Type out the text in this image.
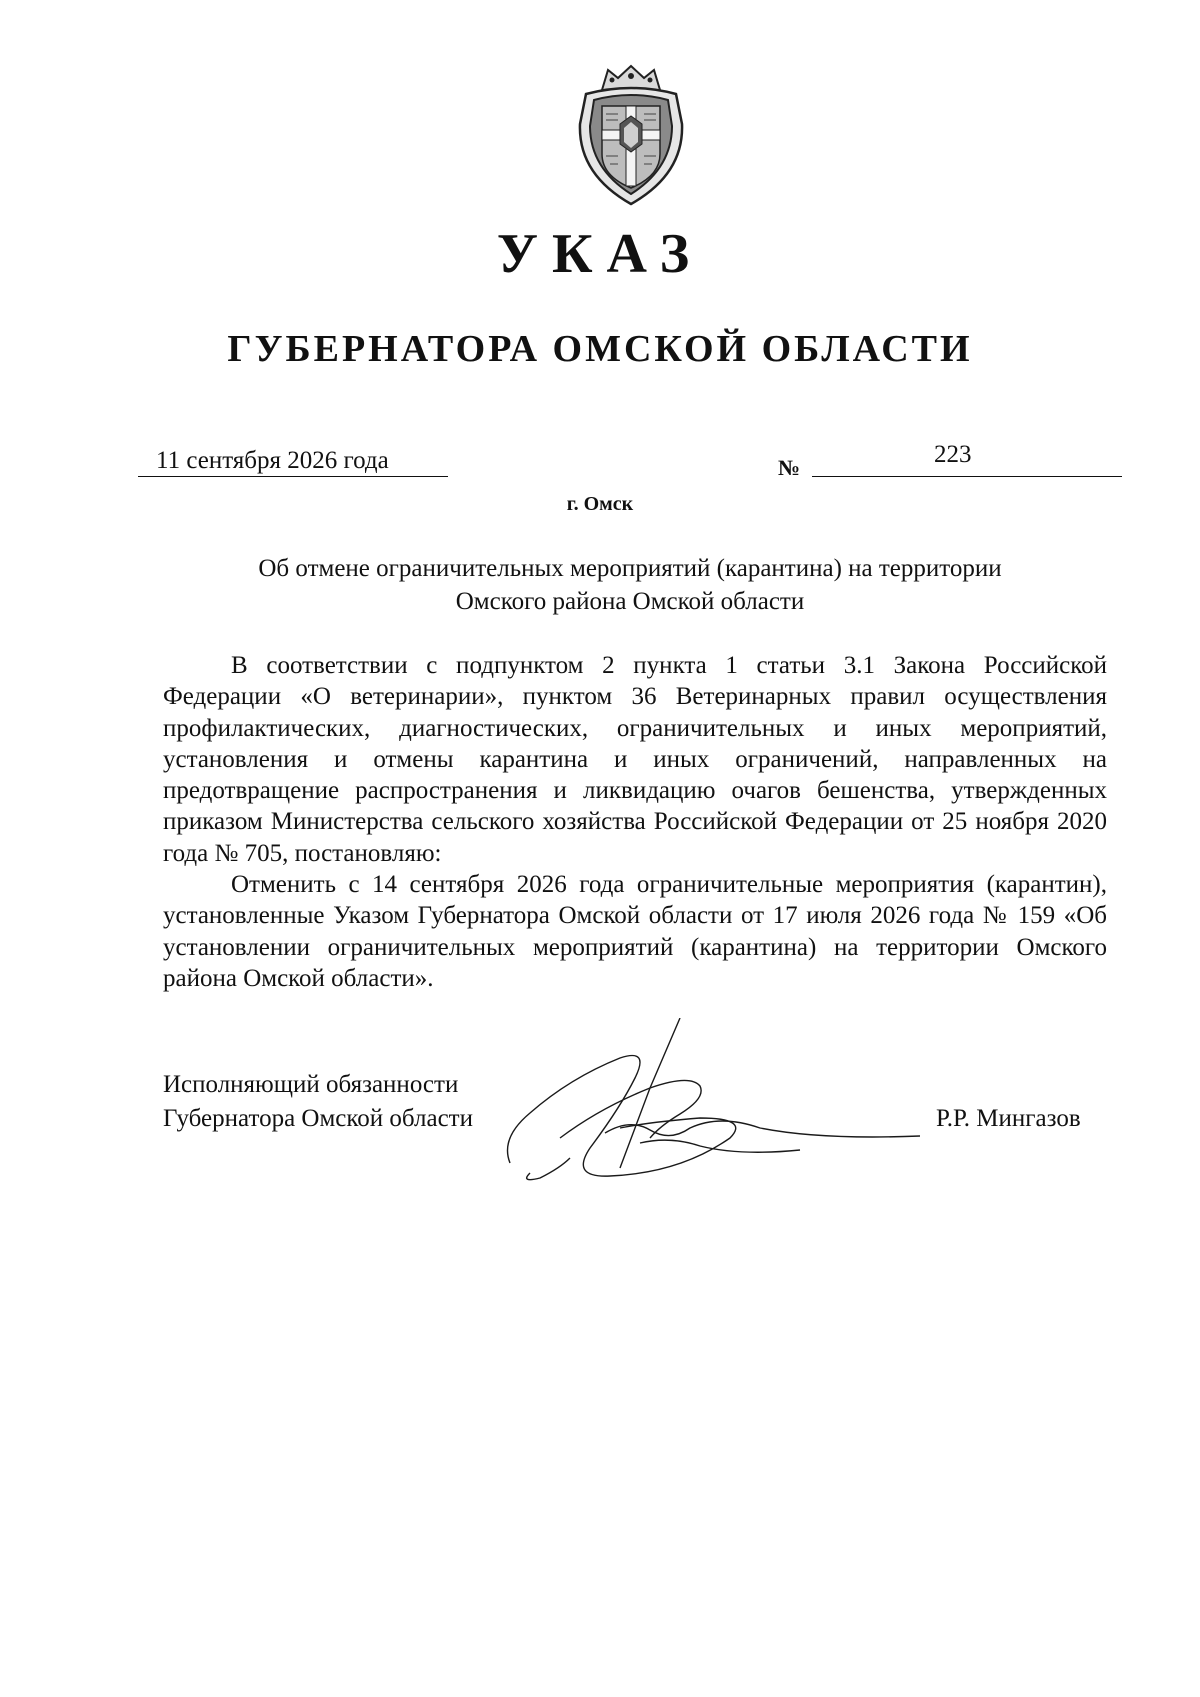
УКАЗ
ГУБЕРНАТОРА ОМСКОЙ ОБЛАСТИ
11 сентября 2026 года	№	223
г. Омск
Об отмене ограничительных мероприятий (карантина) на территории
Омского района Омской области

В соответствии с подпунктом 2 пункта 1 статьи 3.1 Закона Российской Федерации «О ветеринарии», пунктом 36 Ветеринарных правил осуществления профилактических, диагностических, ограничительных и иных мероприятий, установления и отмены карантина и иных ограничений, направленных на предотвращение распространения и ликвидацию очагов бешенства, утвержденных приказом Министерства сельского хозяйства Российской Федерации от 25 ноября 2020 года № 705, постановляю:

Отменить с 14 сентября 2026 года ограничительные мероприятия (карантин), установленные Указом Губернатора Омской области от 17 июля 2026 года № 159 «Об установлении ограничительных мероприятий (карантина) на территории Омского района Омской области».

Исполняющий обязанности
Губернатора Омской области	Р.Р. Мингазов
